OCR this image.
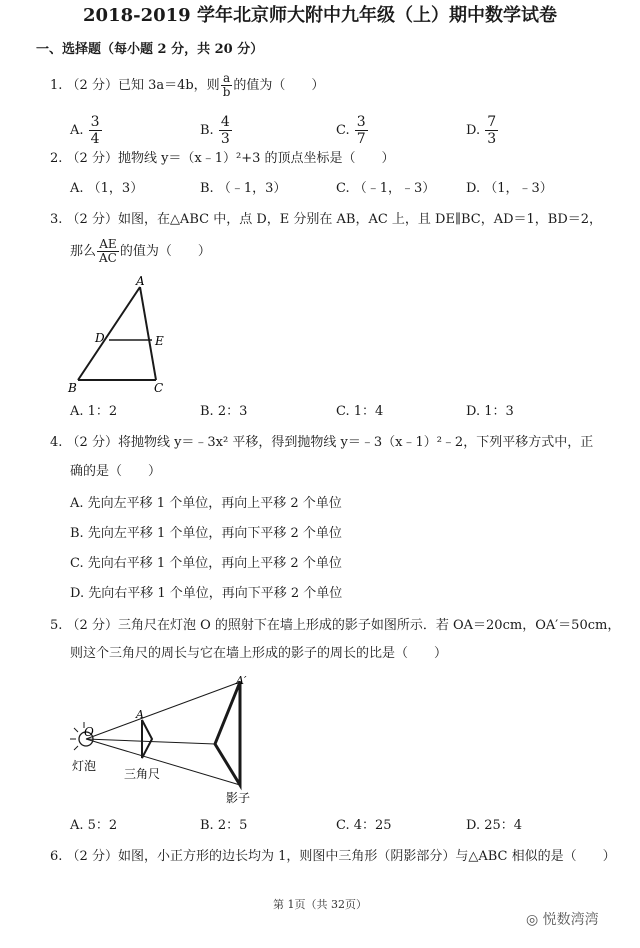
2018-2019 学年北京师大附中九年级（上）期中数学试卷
一、选择题（每小题 2 分，共 20 分）
1. （2 分）已知 3a＝4b，则 $\frac{a}{b}$ 的值为（　　）
A. $\frac{3}{4}$	B. $\frac{4}{3}$	C. $\frac{3}{7}$	D. $\frac{7}{3}$
2. （2 分）抛物线 y＝（x﹣1）²+3 的顶点坐标是（　　）
A. （1，3）	B. （﹣1，3）	C. （﹣1，﹣3） D. （1，﹣3）
3. （2 分）如图，在△ABC 中，点 D，E 分别在 AB，AC 上，且 DE∥BC，AD＝1，BD＝2，
那么 $\frac{AE}{AC}$ 的值为（　　）
A
D	E
B	C
A. 1：2	B. 2：3	C. 1：4	D. 1：3
4. （2 分）将抛物线 y＝﹣3x² 平移，得到抛物线 y＝﹣3（x﹣1）²﹣2，下列平移方式中，正
确的是（　　）
A. 先向左平移 1 个单位，再向上平移 2 个单位
B. 先向左平移 1 个单位，再向下平移 2 个单位
C. 先向右平移 1 个单位，再向上平移 2 个单位
D. 先向右平移 1 个单位，再向下平移 2 个单位
5. （2 分）三角尺在灯泡 O 的照射下在墙上形成的影子如图所示．若 OA＝20cm，OA′＝50cm，
则这个三角尺的周长与它在墙上形成的影子的周长的比是（　　）
O
A
A′
灯泡
三角尺
影子
A. 5：2	B. 2：5	C. 4：25	D. 25：4
6. （2 分）如图，小正方形的边长均为 1，则图中三角形（阴影部分）与△ABC 相似的是（　　）
第 1页（共 32页）
◎ 悦数湾湾
